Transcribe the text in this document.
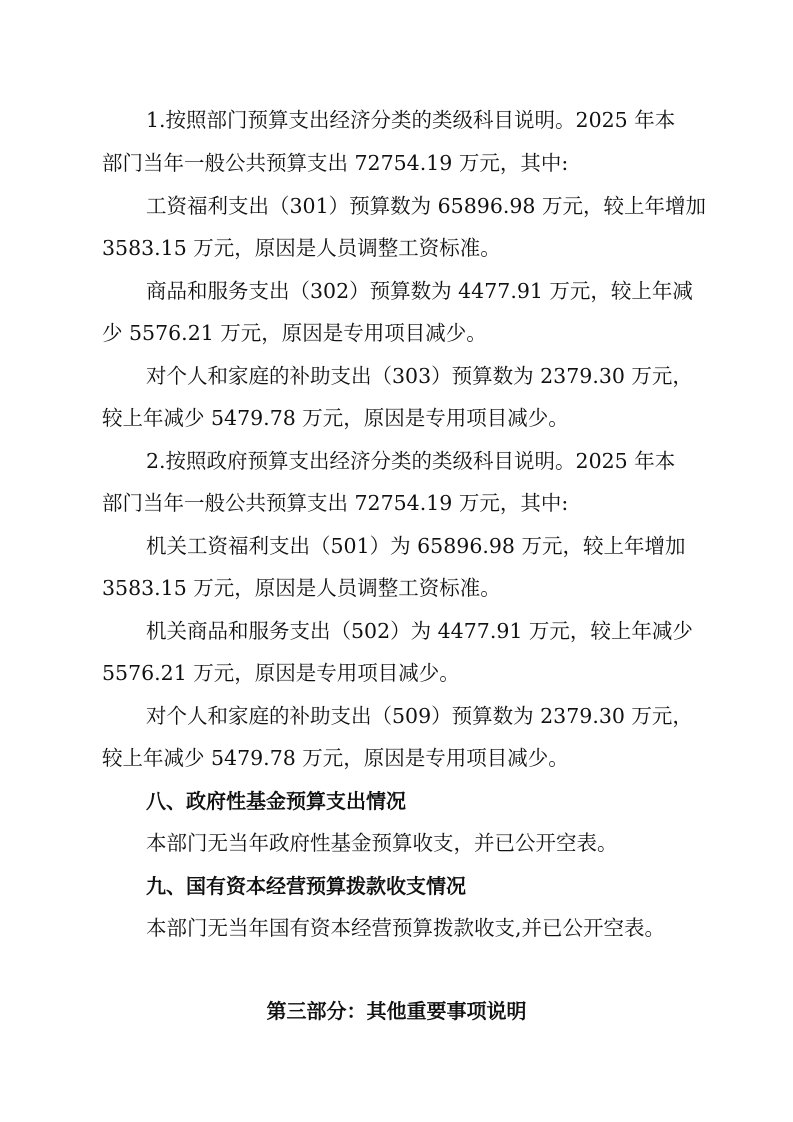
1.按照部门预算支出经济分类的类级科目说明。2025 年本
部门当年一般公共预算支出 72754.19 万元，其中:
工资福利支出（301）预算数为 65896.98 万元，较上年增加
3583.15 万元，原因是人员调整工资标准。
商品和服务支出（302）预算数为 4477.91 万元，较上年减
少 5576.21 万元，原因是专用项目减少。
对个人和家庭的补助支出（303）预算数为 2379.30 万元，
较上年减少 5479.78 万元，原因是专用项目减少。
2.按照政府预算支出经济分类的类级科目说明。2025 年本
部门当年一般公共预算支出 72754.19 万元，其中:
机关工资福利支出（501）为 65896.98 万元，较上年增加
3583.15 万元，原因是人员调整工资标准。
机关商品和服务支出（502）为 4477.91 万元，较上年减少
5576.21 万元，原因是专用项目减少。
对个人和家庭的补助支出（509）预算数为 2379.30 万元，
较上年减少 5479.78 万元，原因是专用项目减少。
八、政府性基金预算支出情况
本部门无当年政府性基金预算收支，并已公开空表。
九、国有资本经营预算拨款收支情况
本部门无当年国有资本经营预算拨款收支,并已公开空表。
第三部分：其他重要事项说明
